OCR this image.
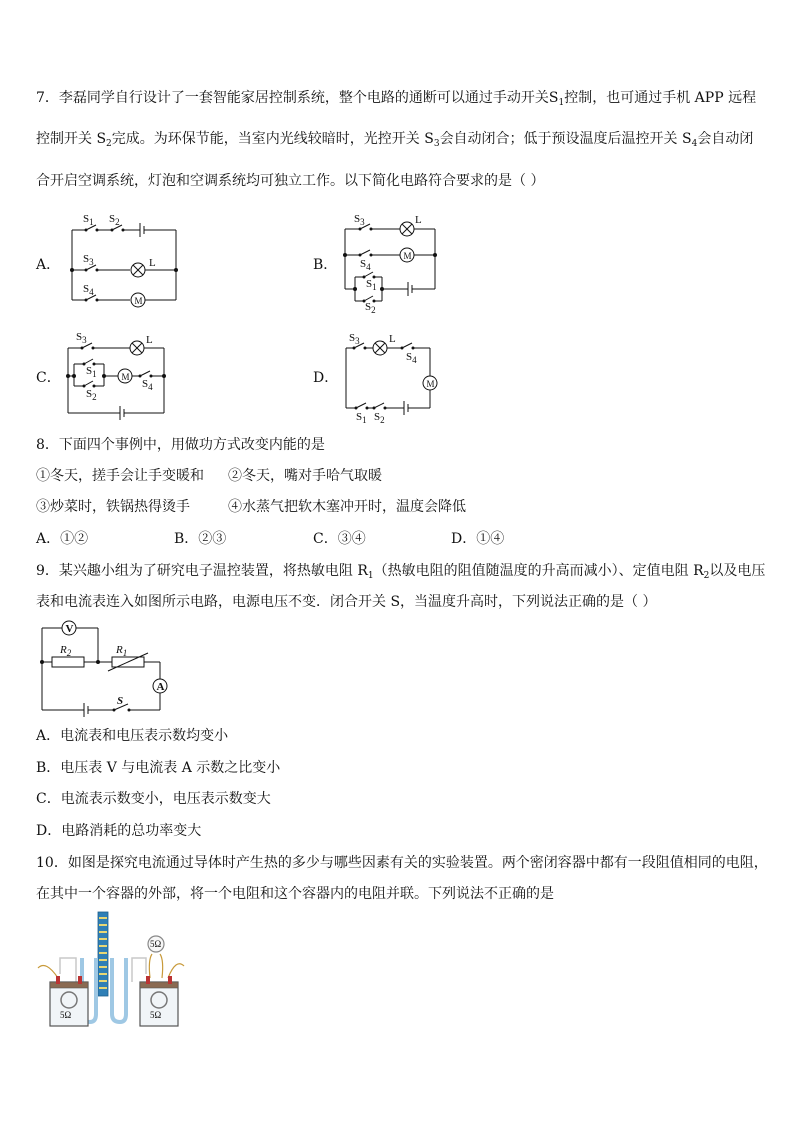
7．李磊同学自行设计了一套智能家居控制系统，整个电路的通断可以通过手动开关$S_1$控制，也可通过手机 APP 远程
控制开关 $S_2$完成。为环保节能，当室内光线较暗时，光控开关 $S_3$会自动闭合；低于预设温度后温控开关 $S_4$会自动闭
合开启空调系统，灯泡和空调系统均可独立工作。以下简化电路符合要求的是（ ）
A．	B．
C．	D．
$S_1$ $S_2$
$S_3$
$S_4$
L
M
$S_3$	L
$S_4$
M
$S_1$
$S_2$
$S_3$	L
$S_1$
$S_2$
M
$S_4$
$S_3$	L
$S_4$
M
$S_1$ $S_2$
8．下面四个事例中，用做功方式改变内能的是
①冬天，搓手会让手变暖和 ②冬天，嘴对手哈气取暖
③炒菜时，铁锅热得烫手	④水蒸气把软木塞冲开时，温度会降低
A．①②	B．②③	C．③④	D．①④
9．某兴趣小组为了研究电子温控装置，将热敏电阻 $R_1$（热敏电阻的阻值随温度的升高而减小）、定值电阻 $R_2$以及电压
表和电流表连入如图所示电路，电源电压不变．闭合开关 S，当温度升高时，下列说法正确的是（ ）
V
A
$R_2$	$R_1$
S
A．电流表和电压表示数均变小
B．电压表 V 与电流表 A 示数之比变小
C．电流表示数变小，电压表示数变大
D．电路消耗的总功率变大
10．如图是探究电流通过导体时产生热的多少与哪些因素有关的实验装置。两个密闭容器中都有一段阻值相同的电阻，
在其中一个容器的外部，将一个电阻和这个容器内的电阻并联。下列说法不正确的是
5Ω
5Ω	5Ω
